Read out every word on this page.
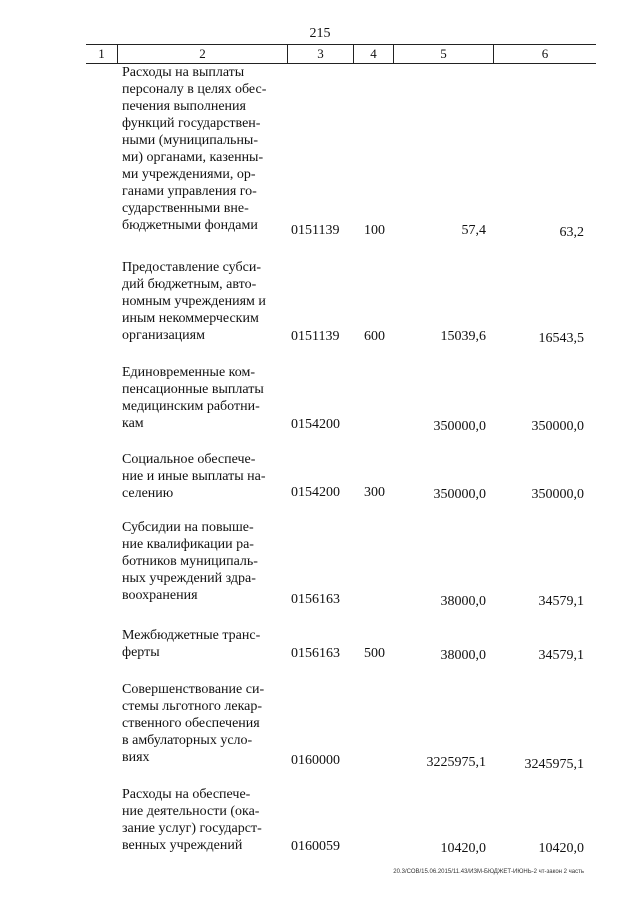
215
1	2	3	4	5	6
Расходы на выплаты
персоналу в целях обес-
печения выполнения
функций государствен-
ными (муниципальны-
ми) органами, казенны-
ми учреждениями, ор-
ганами управления го-
сударственными вне-
бюджетными фондами	0151139 100	57,4	63,2
Предоставление субси-
дий бюджетным, авто-
номным учреждениям и
иным некоммерческим
организациям	0151139 600	15039,6	16543,5
Единовременные ком-
пенсационные выплаты
медицинским работни-
кам	0154200	350000,0	350000,0
Социальное обеспече-
ние и иные выплаты на-
селению	0154200 300	350000,0	350000,0
Субсидии на повыше-
ние квалификации ра-
ботников муниципаль-
ных учреждений здра-
воохранения	0156163	38000,0	34579,1
Межбюджетные транс-
ферты	0156163 500	38000,0	34579,1
Совершенствование си-
стемы льготного лекар-
ственного обеспечения
в амбулаторных усло-
виях	0160000	3225975,1	3245975,1
Расходы на обеспече-
ние деятельности (ока-
зание услуг) государст-
венных учреждений	0160059	10420,0	10420,0
20.3/СОВ/15.06.2015/11.43/ИЗМ-БЮДЖЕТ-ИЮНЬ-2 чт-закон 2 часть
